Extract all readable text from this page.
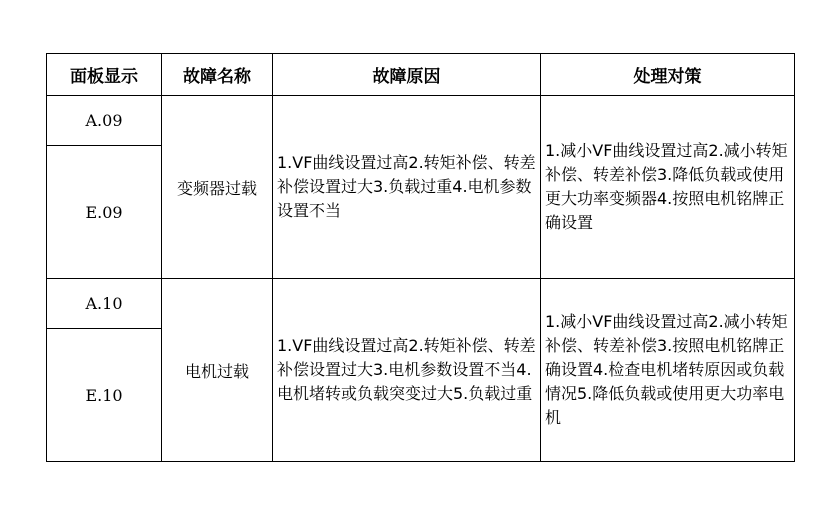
面板显示	故障名称	故障原因	处理对策
A.09	变频器过载	1.VF曲线设置过高2.转矩补偿、转差补偿设置过大3.负载过重4.电机参数设置不当	1.减小VF曲线设置过高2.减小转矩补偿、转差补偿3.降低负载或使用更大功率变频器4.按照电机铭牌正确设置

E.09			
A.10	电机过载	1.VF曲线设置过高2.转矩补偿、转差补偿设置过大3.电机参数设置不当4.电机堵转或负载突变过大5.负载过重	1.减小VF曲线设置过高2.减小转矩补偿、转差补偿3.按照电机铭牌正确设置4.检查电机堵转原因或负载情况5.降低负载或使用更大功率电机

E.10			
